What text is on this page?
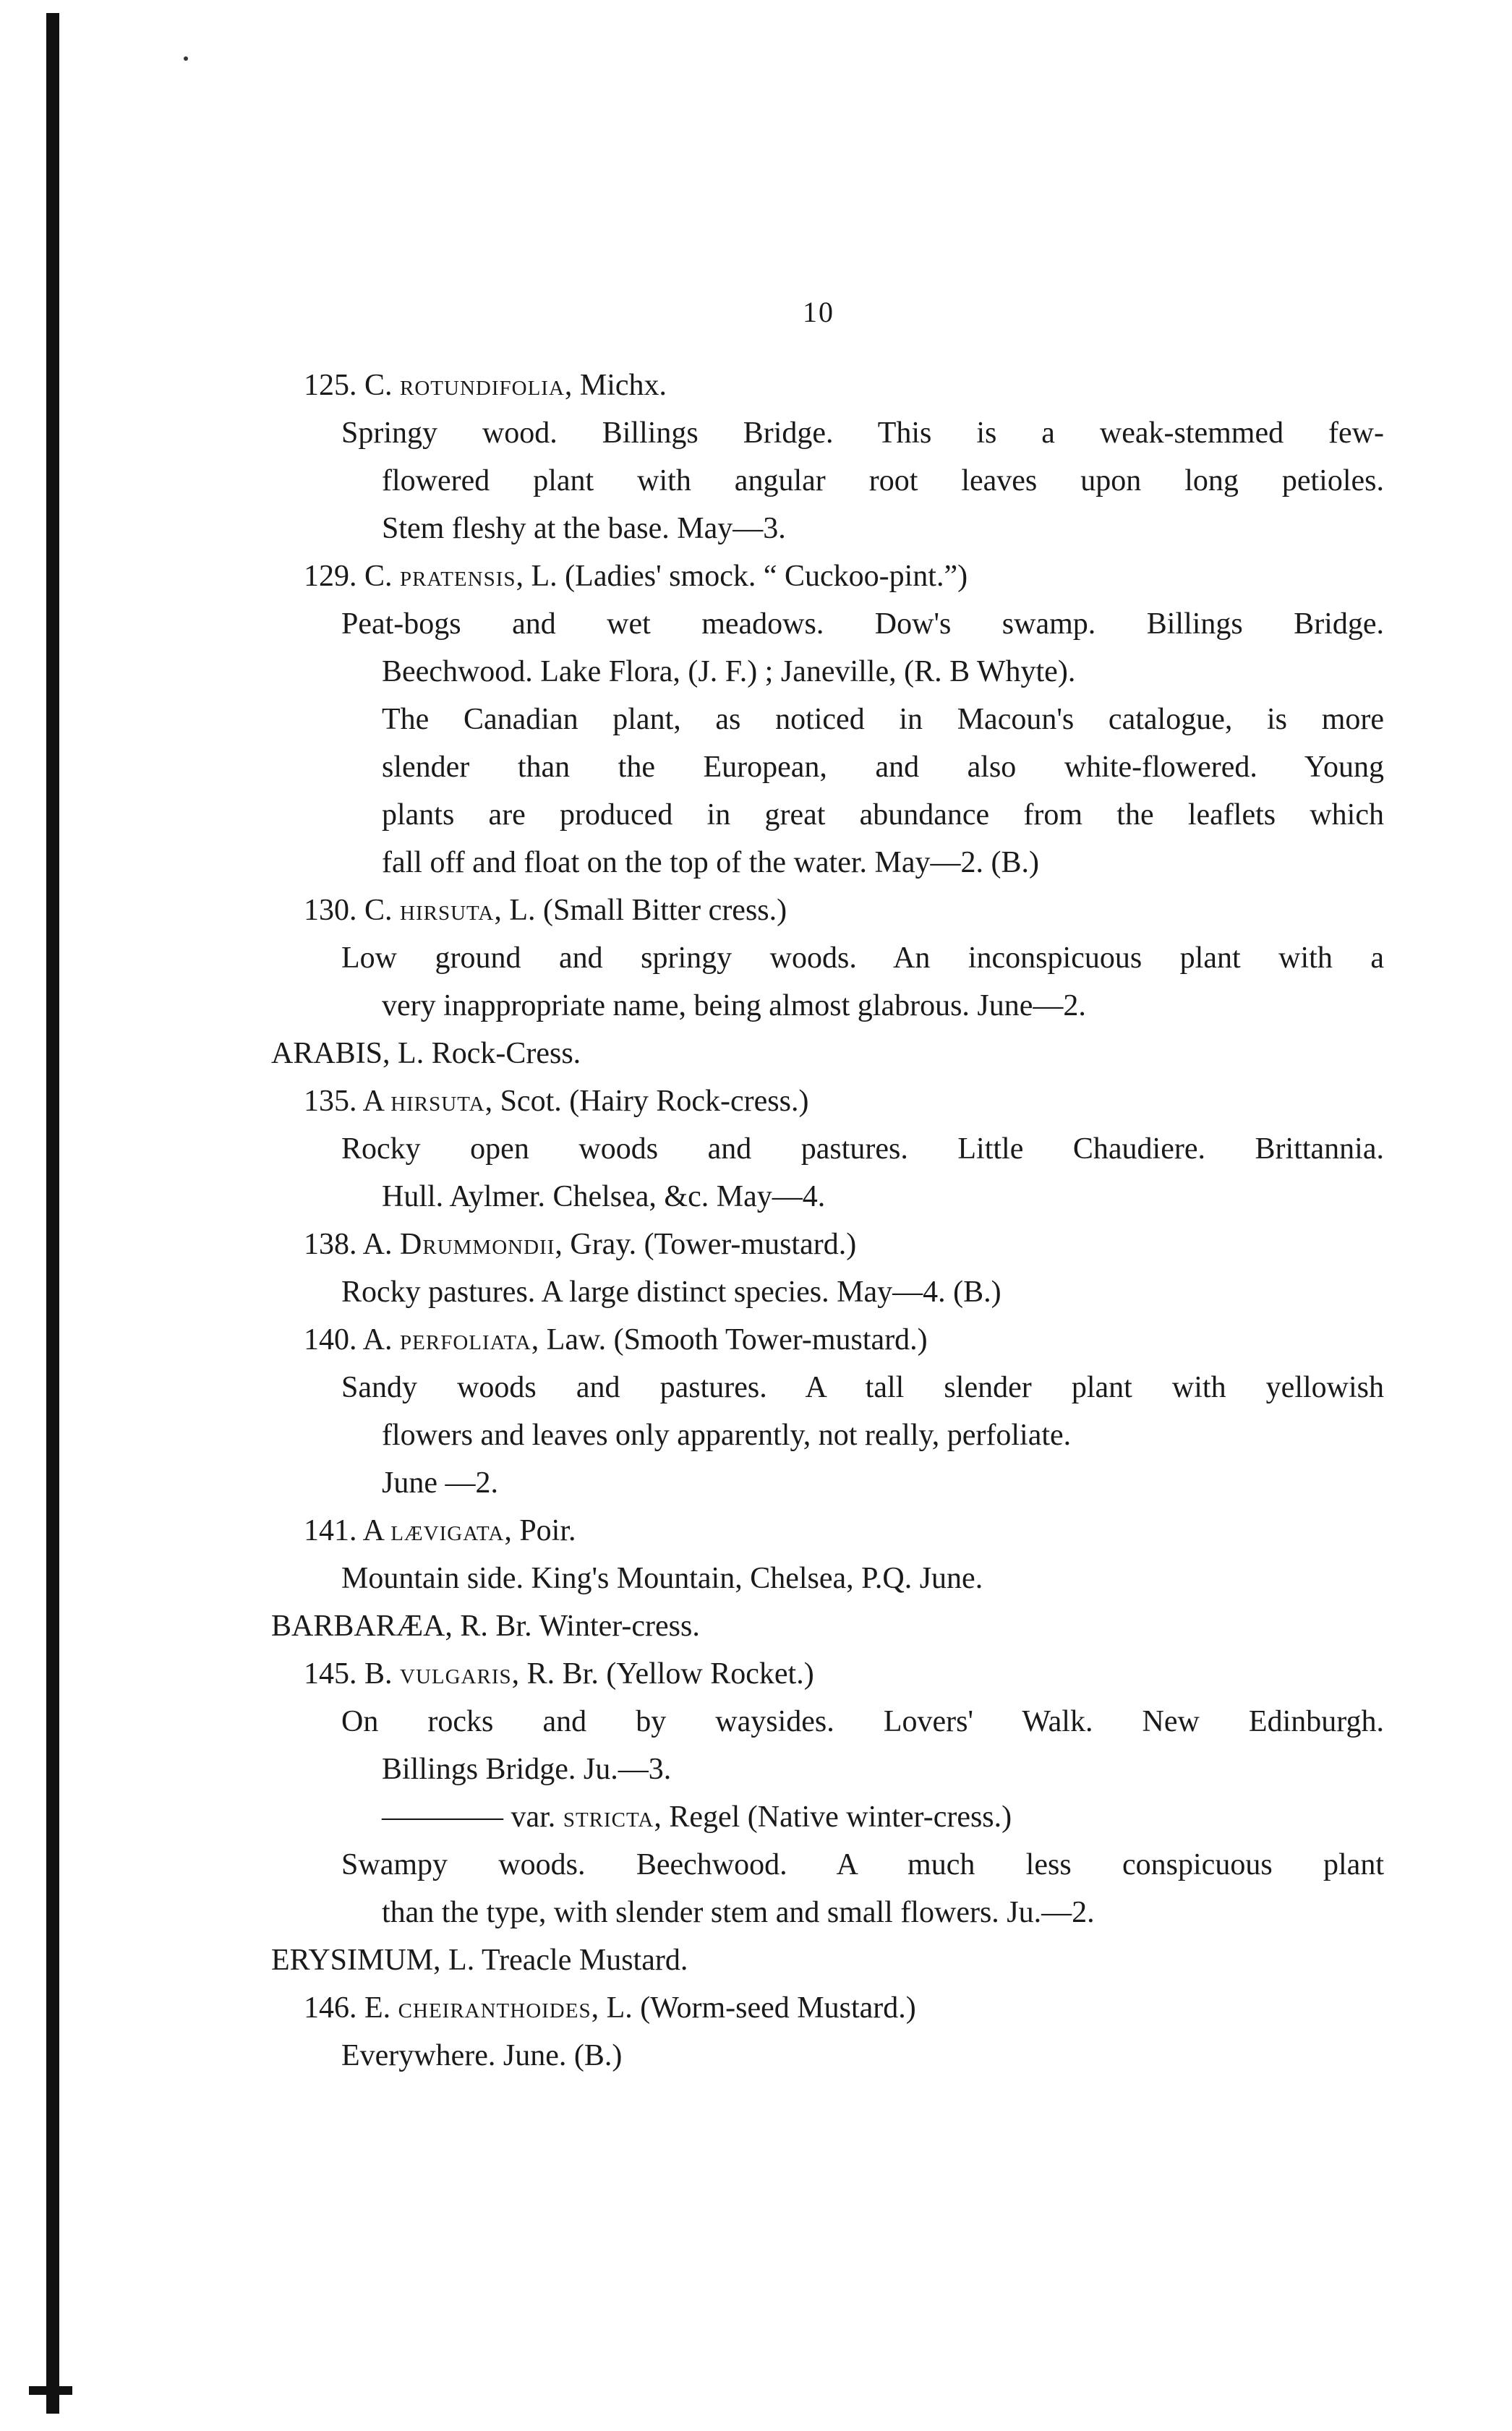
10
125. C. rotundifolia, Michx.
Springy wood. Billings Bridge. This is a weak-stemmed few-
flowered plant with angular root leaves upon long petioles.
Stem fleshy at the base. May—3.
129. C. pratensis, L. (Ladies' smock. “ Cuckoo-pint.”)
Peat-bogs and wet meadows. Dow's swamp. Billings Bridge.
Beechwood. Lake Flora, (J. F.) ; Janeville, (R. B Whyte).
The Canadian plant, as noticed in Macoun's catalogue, is more
slender than the European, and also white-flowered. Young
plants are produced in great abundance from the leaflets which
fall off and float on the top of the water. May—2. (B.)
130. C. hirsuta, L. (Small Bitter cress.)
Low ground and springy woods. An inconspicuous plant with a
very inappropriate name, being almost glabrous. June—2.
ARABIS, L. Rock-Cress.
135. A hirsuta, Scot. (Hairy Rock-cress.)
Rocky open woods and pastures. Little Chaudiere. Brittannia.
Hull. Aylmer. Chelsea, &c. May—4.
138. A. Drummondii, Gray. (Tower-mustard.)
Rocky pastures. A large distinct species. May—4. (B.)
140. A. perfoliata, Law. (Smooth Tower-mustard.)
Sandy woods and pastures. A tall slender plant with yellowish
flowers and leaves only apparently, not really, perfoliate.
June —2.
141. A lævigata, Poir.
Mountain side. King's Mountain, Chelsea, P.Q. June.
BARBARÆA, R. Br. Winter-cress.
145. B. vulgaris, R. Br. (Yellow Rocket.)
On rocks and by waysides. Lovers' Walk. New Edinburgh.
Billings Bridge. Ju.—3.
———— var. stricta, Regel (Native winter-cress.)
Swampy woods. Beechwood. A much less conspicuous plant
than the type, with slender stem and small flowers. Ju.—2.
ERYSIMUM, L. Treacle Mustard.
146. E. cheiranthoides, L. (Worm-seed Mustard.)
Everywhere. June. (B.)
